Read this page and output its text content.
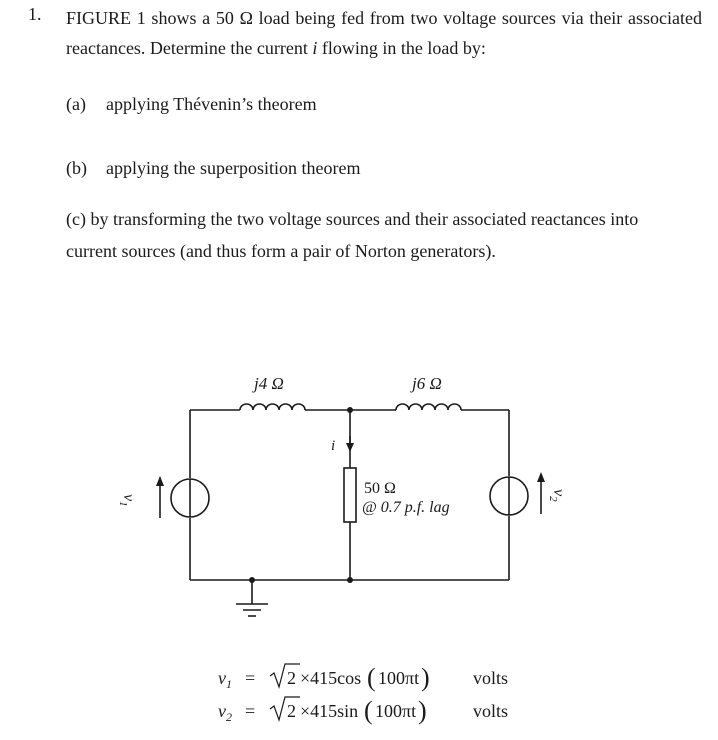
1. FIGURE 1 shows a 50 Ω load being fed from two voltage sources via their associated reactances. Determine the current i flowing in the load by:
(a) applying Thévenin’s theorem
(b) applying the superposition theorem
(c) by transforming the two voltage sources and their associated reactances into current sources (and thus form a pair of Norton generators).
j4 Ω	j6 Ω
i
50 Ω
@ 0.7 p.f. lag
$v_1$
$v_2$
$v_1 = 2 \times 415\cos$ ( 100πt ) volts
$v_2 = 2 \times 415\sin$ ( 100πt )	volts
